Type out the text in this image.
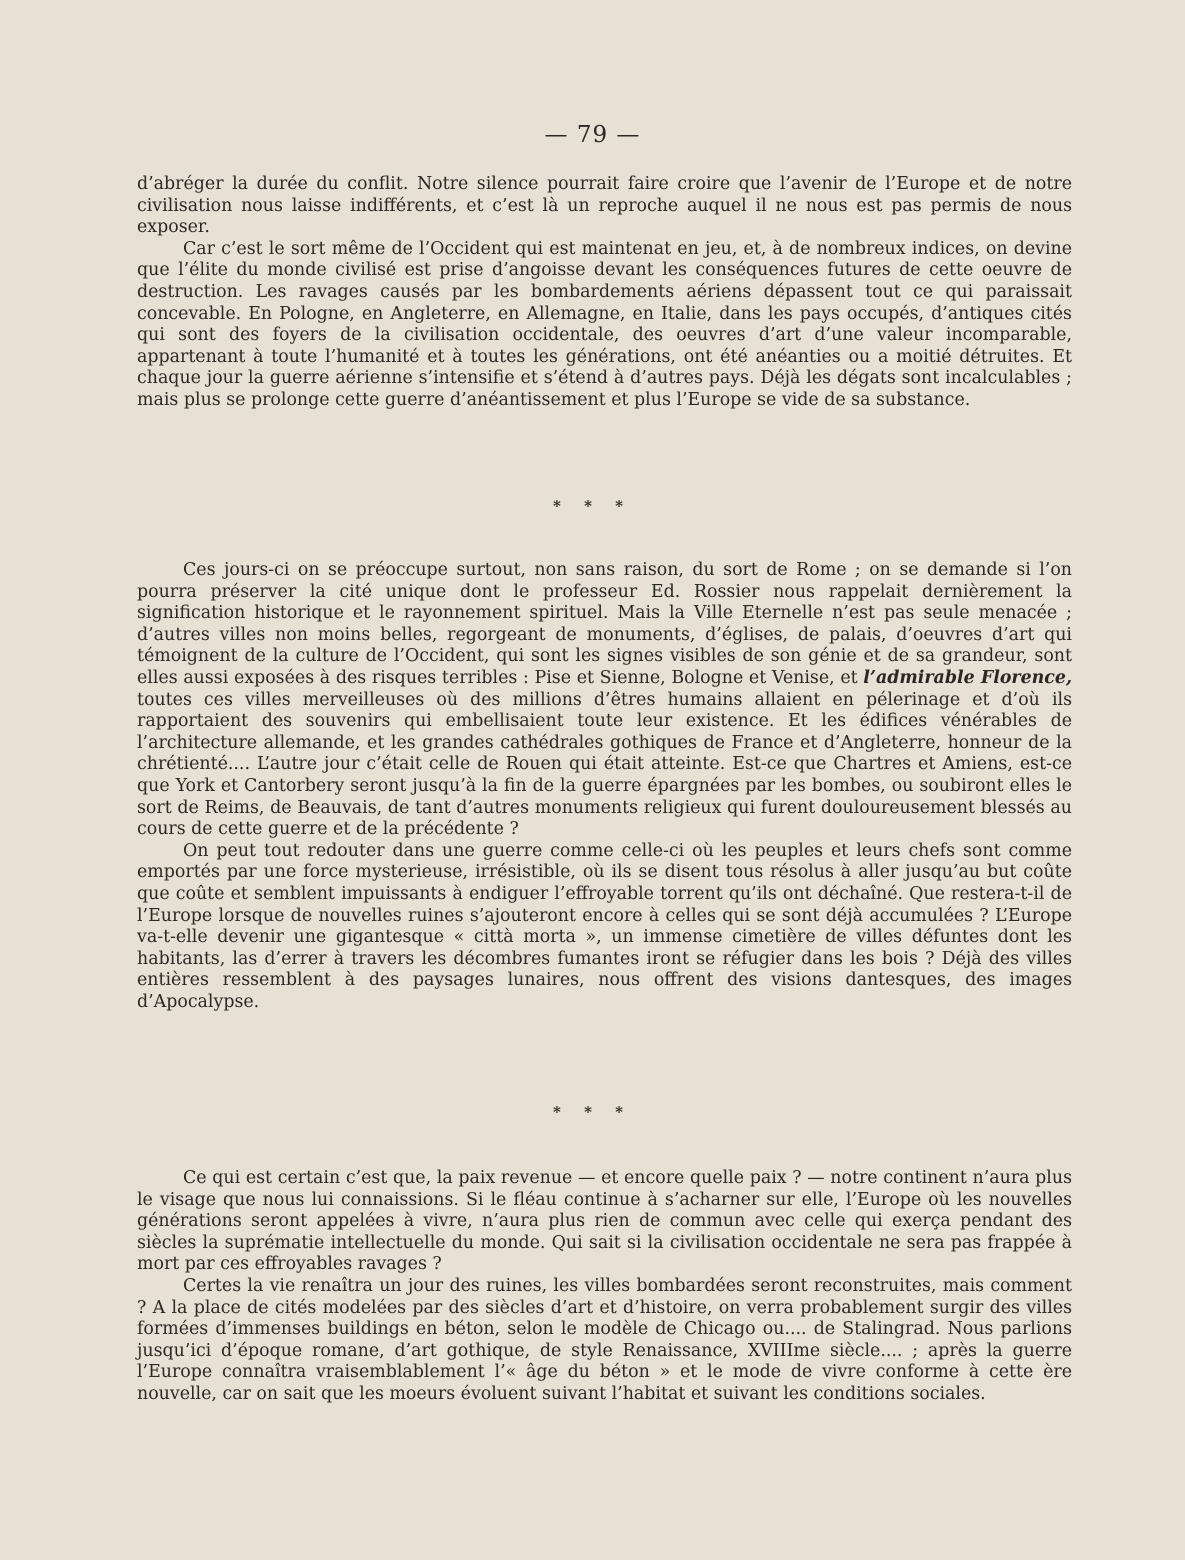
— 79 —

d’abréger la durée du conflit. Notre silence pourrait faire croire que l’avenir de l’Europe et de notre civilisation nous laisse indifférents, et c’est là un reproche auquel il ne nous est pas permis de nous exposer.

Car c’est le sort même de l’Occident qui est maintenat en jeu, et, à de nombreux indices, on devine que l’élite du monde civilisé est prise d’angoisse devant les conséquences futures de cette oeuvre de destruction. Les ravages causés par les bombardements aériens dépassent tout ce qui paraissait concevable. En Pologne, en Angleterre, en Allemagne, en Italie, dans les pays occupés, d’antiques cités qui sont des foyers de la civilisation occidentale, des oeuvres d’art d’une valeur incomparable, appartenant à toute l’humanité et à toutes les générations, ont été anéanties ou a moitié détruites. Et chaque jour la guerre aérienne s’intensifie et s’étend à d’autres pays. Déjà les dégats sont incalculables ; mais plus se prolonge cette guerre d’anéantissement et plus l’Europe se vide de sa substance.

* * *

Ces jours-ci on se préoccupe surtout, non sans raison, du sort de Rome ; on se demande si l’on pourra préserver la cité unique dont le professeur Ed. Rossier nous rappelait dernièrement la signification historique et le rayonnement spirituel. Mais la Ville Eternelle n’est pas seule menacée ; d’autres villes non moins belles, regorgeant de monuments, d’églises, de palais, d’oeuvres d’art qui témoignent de la culture de l’Occident, qui sont les signes visibles de son génie et de sa grandeur, sont elles aussi exposées à des risques terribles : Pise et Sienne, Bologne et Venise, et l’admirable Florence, toutes ces villes merveilleuses où des millions d’êtres humains allaient en pélerinage et d’où ils rapportaient des souvenirs qui embellisaient toute leur existence. Et les édifices vénérables de l’architecture allemande, et les grandes cathédrales gothiques de France et d’Angleterre, honneur de la chrétienté.... L’autre jour c’était celle de Rouen qui était atteinte. Est-ce que Chartres et Amiens, est-ce que York et Cantorbery seront jusqu’à la fin de la guerre épargnées par les bombes, ou soubiront elles le sort de Reims, de Beauvais, de tant d’autres monuments religieux qui furent douloureusement blessés au cours de cette guerre et de la précédente ?

On peut tout redouter dans une guerre comme celle-ci où les peuples et leurs chefs sont comme emportés par une force mysterieuse, irrésistible, où ils se disent tous résolus à aller jusqu’au but coûte que coûte et semblent impuissants à endiguer l’effroyable torrent qu’ils ont déchaîné. Que restera-t-il de l’Europe lorsque de nouvelles ruines s’ajouteront encore à celles qui se sont déjà accumulées ? L’Europe va-t-elle devenir une gigantesque « città morta », un immense cimetière de villes défuntes dont les habitants, las d’errer à travers les décombres fumantes iront se réfugier dans les bois ? Déjà des villes entières ressemblent à des paysages lunaires, nous offrent des visions dantesques, des images d’Apocalypse.

* * *

Ce qui est certain c’est que, la paix revenue — et encore quelle paix ? — notre continent n’aura plus le visage que nous lui connaissions. Si le fléau continue à s’acharner sur elle, l’Europe où les nouvelles générations seront appelées à vivre, n’aura plus rien de commun avec celle qui exerça pendant des siècles la suprématie intellectuelle du monde. Qui sait si la civilisation occidentale ne sera pas frappée à mort par ces effroyables ravages ?

Certes la vie renaîtra un jour des ruines, les villes bombardées seront reconstruites, mais comment ? A la place de cités modelées par des siècles d’art et d’histoire, on verra probablement surgir des villes formées d’immenses buildings en béton, selon le modèle de Chicago ou.... de Stalingrad. Nous parlions jusqu’ici d’époque romane, d’art gothique, de style Renaissance, XVIIIme siècle.... ; après la guerre l’Europe connaîtra vraisemblablement l’« âge du béton » et le mode de vivre conforme à cette ère nouvelle, car on sait que les moeurs évoluent suivant l’habitat et suivant les conditions sociales.
